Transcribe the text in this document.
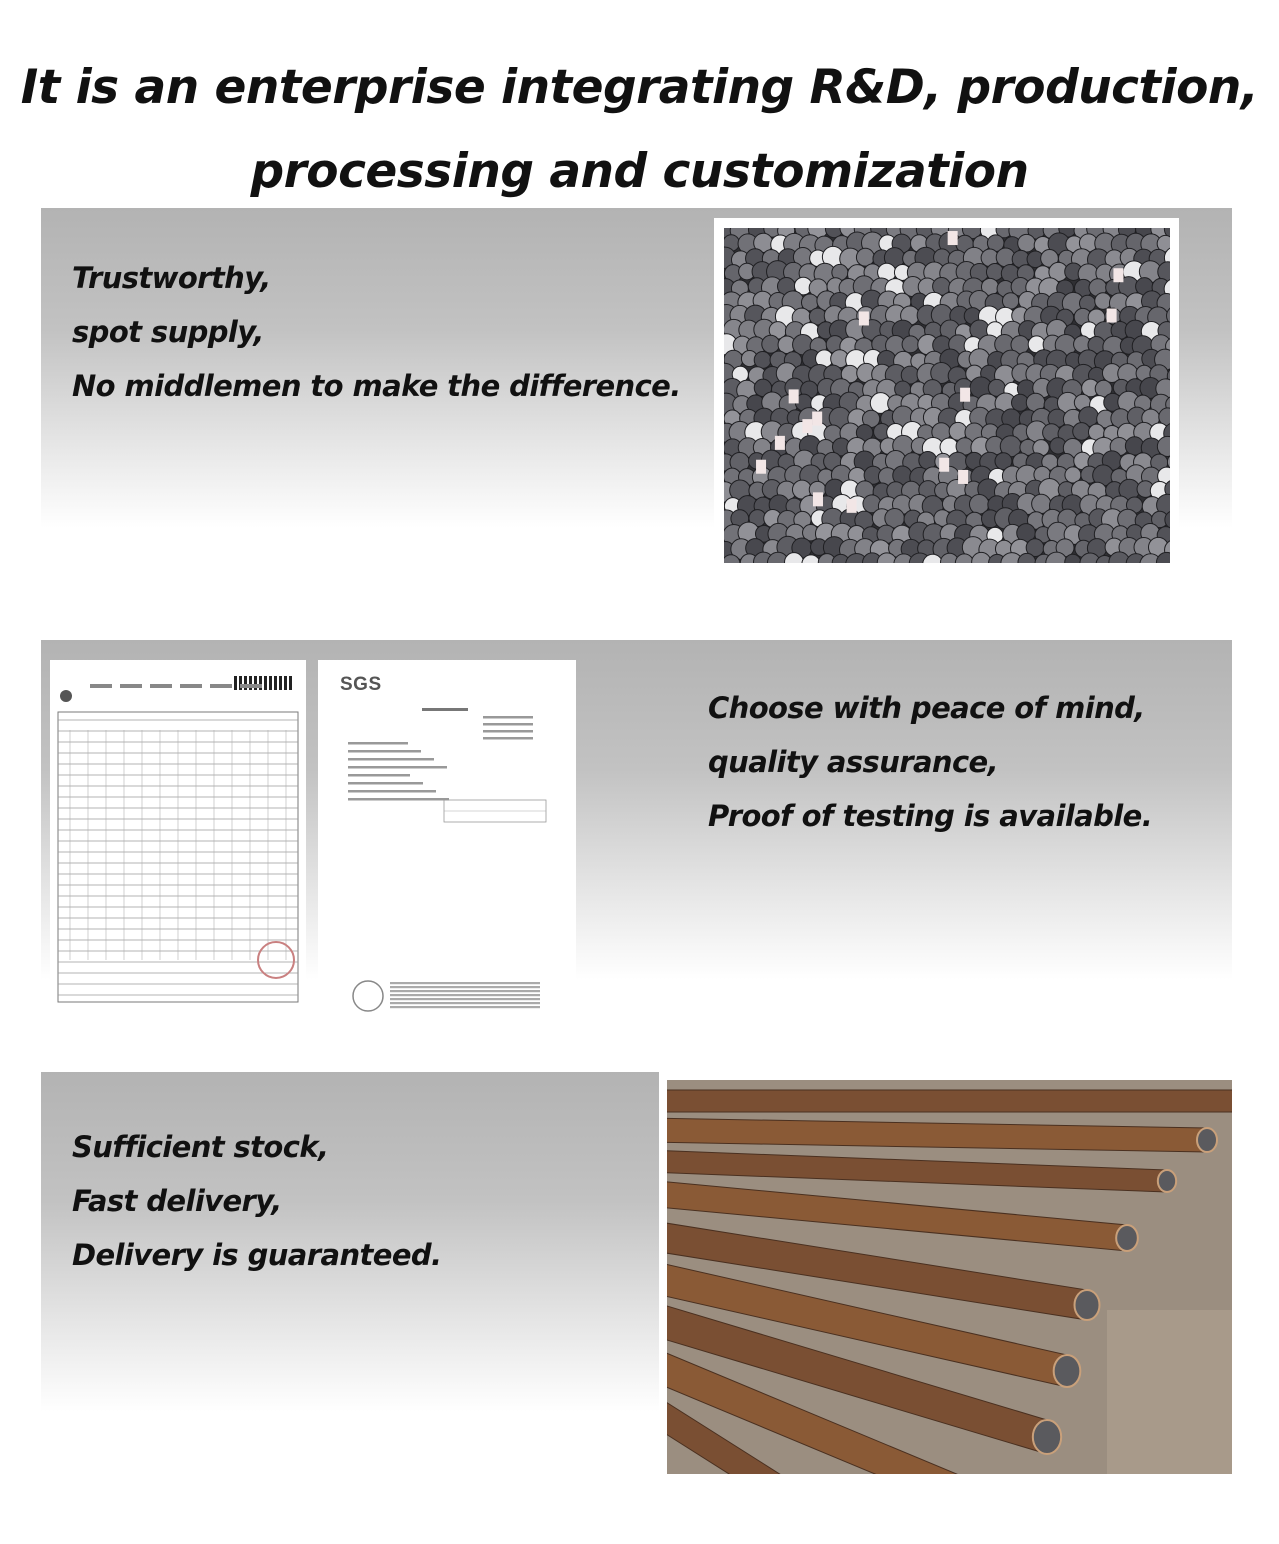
It is an enterprise integrating R&D, production,
processing and customization
Trustworthy,
spot supply,
No middlemen to make the difference.

SGS

Choose with peace of mind,
quality assurance,
Proof of testing is available.
Sufficient stock,
Fast delivery,
Delivery is guaranteed.
